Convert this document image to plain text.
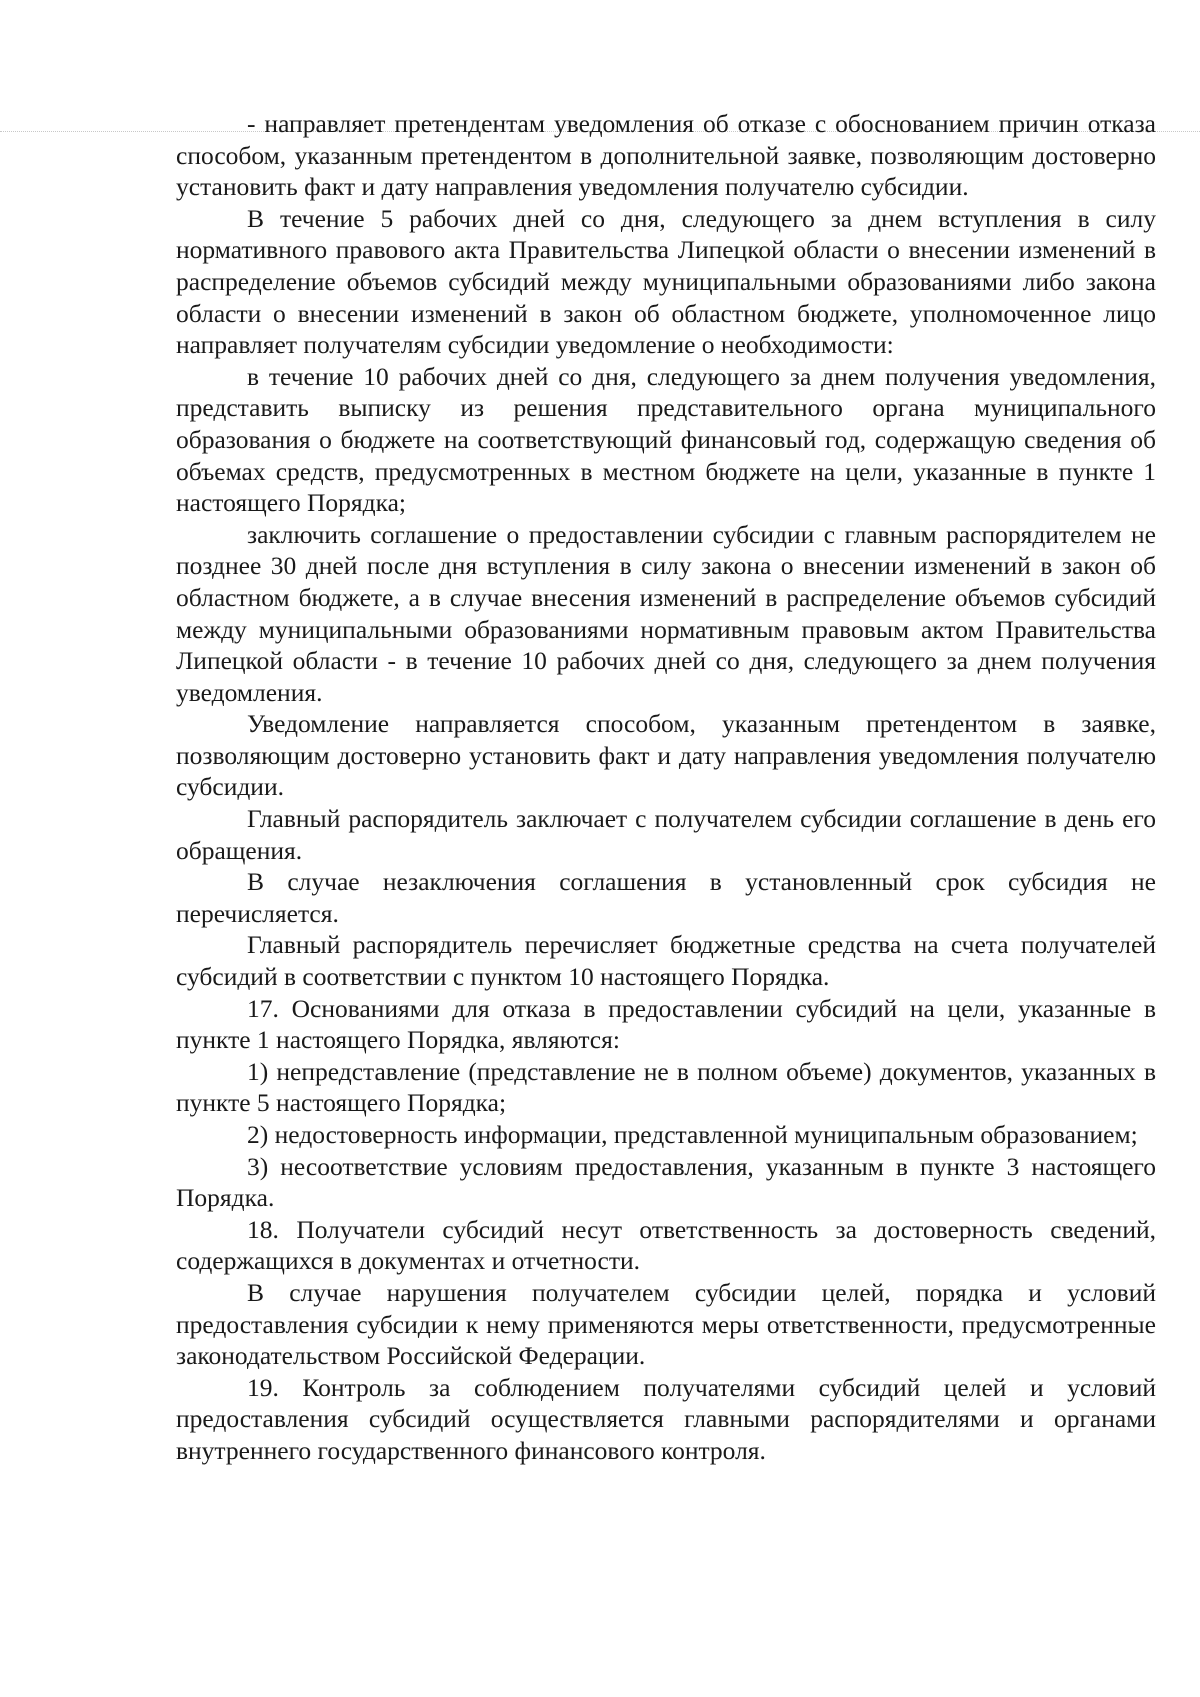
- направляет претендентам уведомления об отказе с обоснованием причин отказа способом, указанным претендентом в дополнительной заявке, позволяющим достоверно установить факт и дату направления уведомления получателю субсидии.

В течение 5 рабочих дней со дня, следующего за днем вступления в силу нормативного правового акта Правительства Липецкой области о внесении изменений в распределение объемов субсидий между муниципальными образованиями либо закона области о внесении изменений в закон об областном бюджете, уполномоченное лицо направляет получателям субсидии уведомление о необходимости:

в течение 10 рабочих дней со дня, следующего за днем получения уведомления, представить выписку из решения представительного органа муниципального образования о бюджете на соответствующий финансовый год, содержащую сведения об объемах средств, предусмотренных в местном бюджете на цели, указанные в пункте 1 настоящего Порядка;

заключить соглашение о предоставлении субсидии с главным распорядителем не позднее 30 дней после дня вступления в силу закона о внесении изменений в закон об областном бюджете, а в случае внесения изменений в распределение объемов субсидий между муниципальными образованиями нормативным правовым актом Правительства Липецкой области - в течение 10 рабочих дней со дня, следующего за днем получения уведомления.

Уведомление направляется способом, указанным претендентом в заявке, позволяющим достоверно установить факт и дату направления уведомления получателю субсидии.

Главный распорядитель заключает с получателем субсидии соглашение в день его обращения.

В случае незаключения соглашения в установленный срок субсидия не перечисляется.

Главный распорядитель перечисляет бюджетные средства на счета получателей субсидий в соответствии с пунктом 10 настоящего Порядка.

17. Основаниями для отказа в предоставлении субсидий на цели, указанные в пункте 1 настоящего Порядка, являются:

1) непредставление (представление не в полном объеме) документов, указанных в пункте 5 настоящего Порядка;

2) недостоверность информации, представленной муниципальным образованием;

3) несоответствие условиям предоставления, указанным в пункте 3 настоящего Порядка.

18. Получатели субсидий несут ответственность за достоверность сведений, содержащихся в документах и отчетности.

В случае нарушения получателем субсидии целей, порядка и условий предоставления субсидии к нему применяются меры ответственности, предусмотренные законодательством Российской Федерации.

19. Контроль за соблюдением получателями субсидий целей и условий предоставления субсидий осуществляется главными распорядителями и органами внутреннего государственного финансового контроля.
